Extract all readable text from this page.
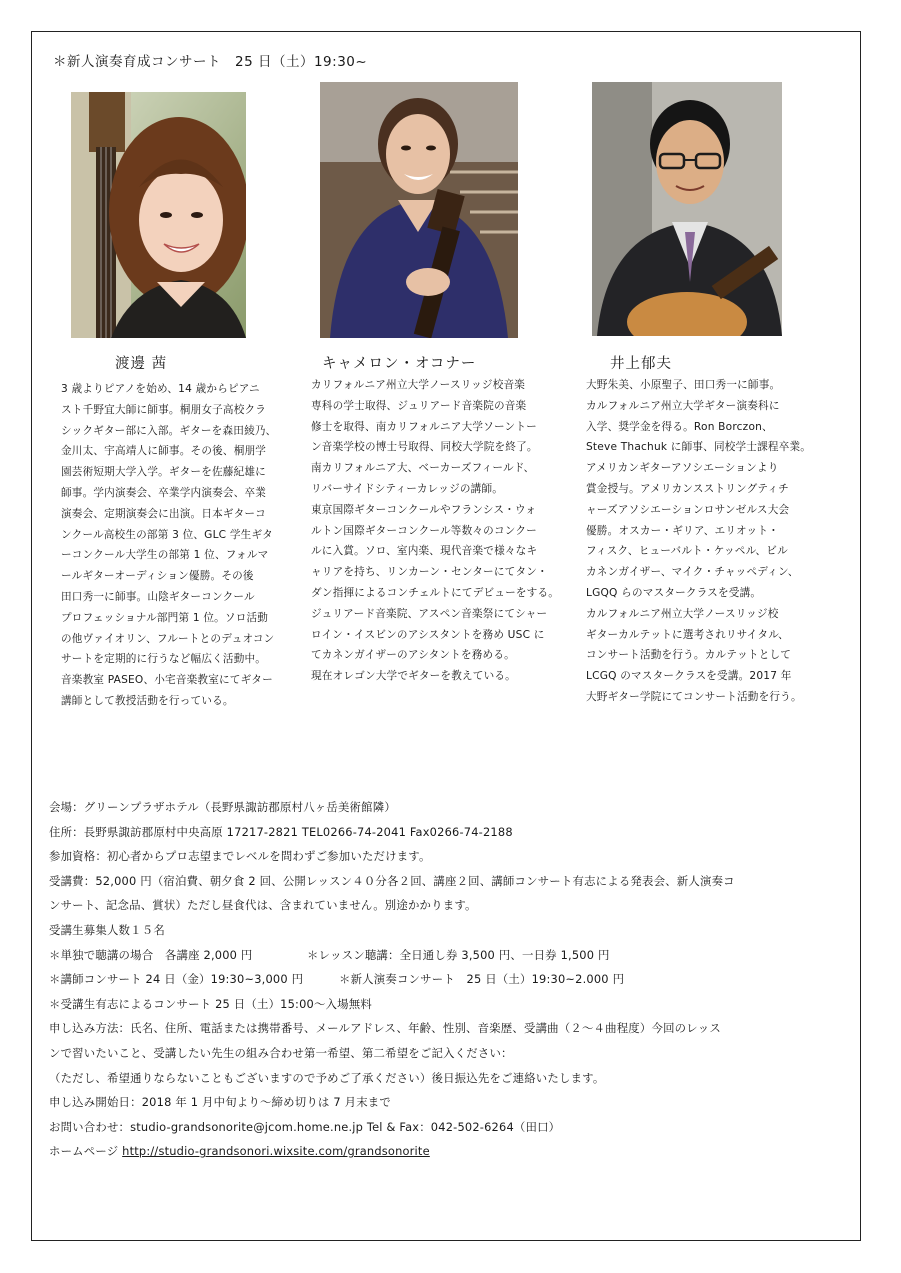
＊新人演奏育成コンサート　25 日（土）19:30~
渡邊 茜	キャメロン・オコナー	井上郁夫
3 歳よりピアノを始め、14 歳からピアニ
スト千野宜大師に師事。桐朋女子高校クラ
シックギター部に入部。ギターを森田綾乃、
金川太、宇高靖人に師事。その後、桐朋学
園芸術短期大学入学。ギターを佐藤紀雄に
師事。学内演奏会、卒業学内演奏会、卒業
演奏会、定期演奏会に出演。日本ギターコ
ンクール高校生の部第 3 位、GLC 学生ギタ
ーコンクール大学生の部第 1 位、フォルマ
ールギターオーディション優勝。その後
田口秀一に師事。山陰ギターコンクール
プロフェッショナル部門第 1 位。ソロ活動
の他ヴァイオリン、フルートとのデュオコン
サートを定期的に行うなど幅広く活動中。
音楽教室 PASEO、小宅音楽教室にてギター
講師として教授活動を行っている。
カリフォルニア州立大学ノースリッジ校音楽
専科の学士取得、ジュリアード音楽院の音楽
修士を取得、南カリフォルニア大学ソーントー
ン音楽学校の博士号取得、同校大学院を終了。
南カリフォルニア大、ベーカーズフィールド、
リバーサイドシティーカレッジの講師。
東京国際ギターコンクールやフランシス・ウォ
ルトン国際ギターコンクール等数々のコンクー
ルに入賞。ソロ、室内楽、現代音楽で様々なキ
ャリアを持ち、リンカーン・センターにてタン・
ダン指揮によるコンチェルトにてデビューをする。
ジュリアード音楽院、アスペン音楽祭にてシャー
ロイン・イスビンのアシスタントを務め USC に
てカネンガイザーのアシタントを務める。
現在オレゴン大学でギターを教えている。
大野朱美、小原聖子、田口秀一に師事。
カルフォルニア州立大学ギター演奏科に
入学、奨学金を得る。Ron Borczon、
Steve Thachuk に師事、同校学士課程卒業。
アメリカンギターアソシエーションより
賞金授与。アメリカンスストリングティチ
ャーズアソシエーションロサンゼルス大会
優勝。オスカー・ギリア、エリオット・
フィスク、ヒューバルト・ケッペル、ビル
カネンガイザー、マイク・チャッペディン、
LGQQ らのマスタークラスを受講。
カルフォルニア州立大学ノースリッジ校
ギターカルテットに選考されリサイタル、
コンサート活動を行う。カルテットとして
LCGQ のマスタークラスを受講。2017 年
大野ギター学院にてコンサート活動を行う。
会場：グリーンプラザホテル（長野県諏訪郡原村八ヶ岳美術館隣）
住所：長野県諏訪郡原村中央高原 17217-2821 TEL0266-74-2041 Fax0266-74-2188
参加資格：初心者からプロ志望までレベルを問わずご参加いただけます。
受講費：52,000 円（宿泊費、朝夕食 2 回、公開レッスン４０分各２回、講座２回、講師コンサート有志による発表会、新人演奏コ
ンサート、記念品、賞状）ただし昼食代は、含まれていません。別途かかります。
受講生募集人数１５名
＊単独で聴講の場合　各講座 2,000 円	＊レッスン聴講：全日通し券 3,500 円、一日券 1,500 円
＊講師コンサート 24 日（金）19:30~3,000 円	＊新人演奏コンサート　25 日（土）19:30~2.000 円
＊受講生有志によるコンサート 25 日（土）15:00～入場無料
申し込み方法：氏名、住所、電話または携帯番号、メールアドレス、年齢、性別、音楽歴、受講曲（２～４曲程度）今回のレッス
ンで習いたいこと、受講したい先生の組み合わせ第一希望、第二希望をご記入ください：
（ただし、希望通りならないこともございますので予めご了承ください）後日振込先をご連絡いたします。
申し込み開始日：2018 年 1 月中旬より～締め切りは 7 月末まで
お問い合わせ：studio-grandsonorite@jcom.home.ne.jp Tel & Fax：042-502-6264（田口）
ホームページ http://studio-grandsonori.wixsite.com/grandsonorite
